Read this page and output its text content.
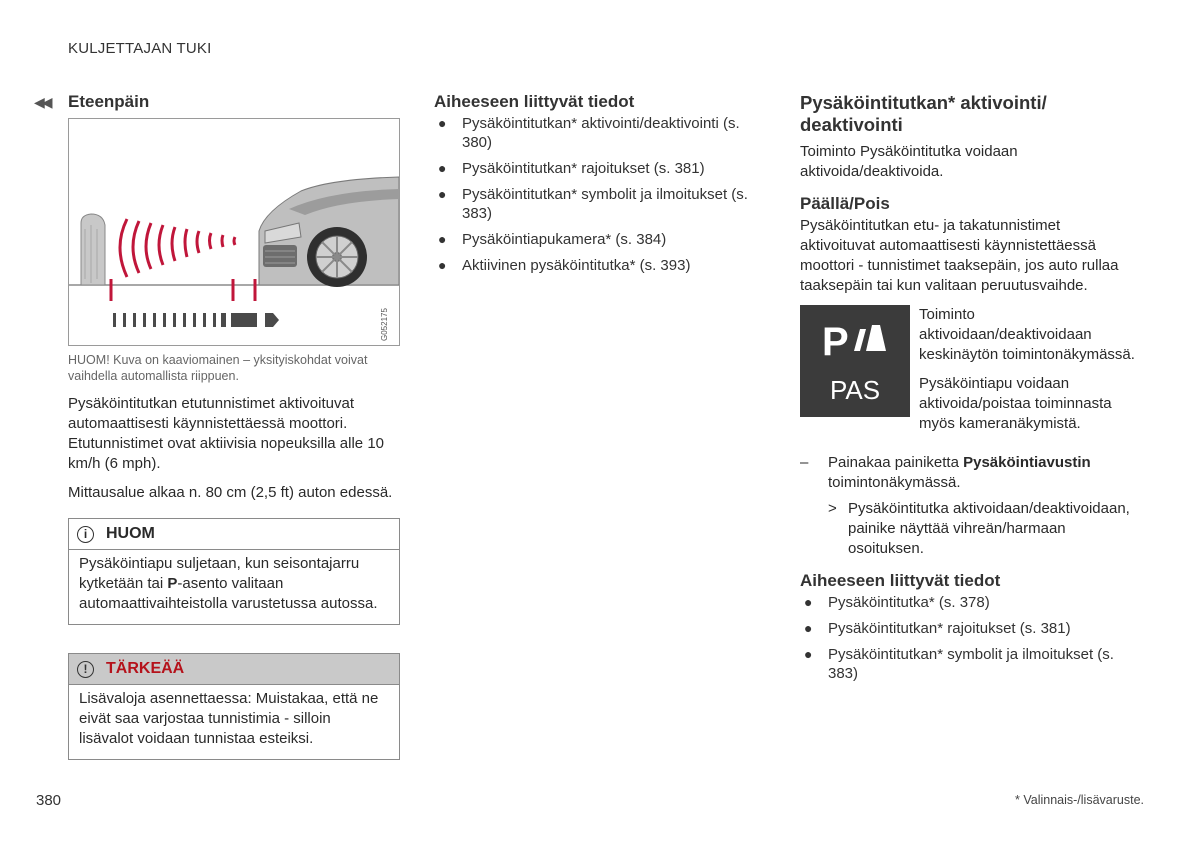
KULJETTAJAN TUKI
◀◀ Eteenpäin
G052175
HUOM! Kuva on kaaviomainen – yksityiskohdat voivat vaihdella automallista riippuen.

Pysäköintitutkan etutunnistimet aktivoituvat automaattisesti käynnistettäessä moottori. Etutunnistimet ovat aktiivisia nopeuksilla alle 10 km/h (6 mph).

Mittausalue alkaa n. 80 cm (2,5 ft) auton edessä.

i	HUOM
Pysäköintiapu suljetaan, kun seisontajarru kytketään tai P-asento valitaan automaattivaihteistolla varustetussa autossa.
!	TÄRKEÄÄ
Lisävaloja asennettaessa: Muistakaa, että ne eivät saa varjostaa tunnistimia - silloin lisävalot voidaan tunnistaa esteiksi.
Aiheeseen liittyvät tiedot
● Pysäköintitutkan* aktivointi/deaktivointi (s. 380)
● Pysäköintitutkan* rajoitukset (s. 381)
● Pysäköintitutkan* symbolit ja ilmoitukset (s. 383)
● Pysäköintiapukamera* (s. 384)
● Aktiivinen pysäköintitutka* (s. 393)
Pysäköintitutkan* aktivointi/ deaktivointi

Toiminto Pysäköintitutka voidaan aktivoida/deaktivoida.

Päällä/Pois

Pysäköintitutkan etu- ja takatunnistimet aktivoituvat automaattisesti käynnistettäessä moottori - tunnistimet taaksepäin, jos auto rullaa taaksepäin tai kun valitaan peruutusvaihde.

P
PAS

Toiminto aktivoidaan/deaktivoidaan keskinäytön toimintonäkymässä.

Pysäköintiapu voidaan aktivoida/poistaa toiminnasta myös kameranäkymistä.

– Painakaa painiketta Pysäköintiavustin toimintonäkymässä.
> Pysäköintitutka aktivoidaan/deaktivoidaan, painike näyttää vihreän/harmaan osoituksen.
Aiheeseen liittyvät tiedot
● Pysäköintitutka* (s. 378)
● Pysäköintitutkan* rajoitukset (s. 381)
● Pysäköintitutkan* symbolit ja ilmoitukset (s. 383)
380	* Valinnais-/lisävaruste.
